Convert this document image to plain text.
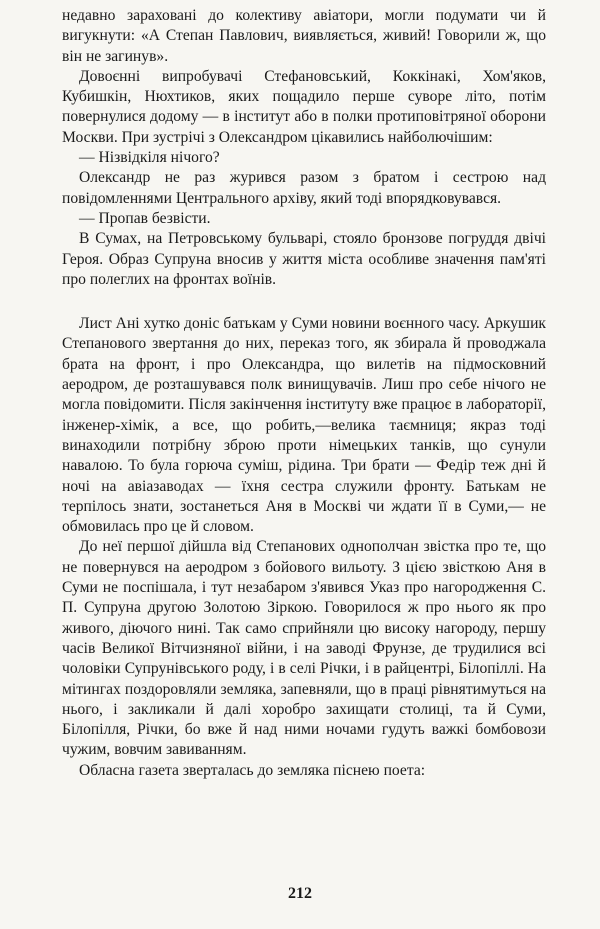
недавно зараховані до колективу авіатори, могли подумати чи й вигукнути: «А Степан Павлович, виявляється, живий! Говорили ж, що він не загинув».

Довоєнні випробувачі Стефановський, Коккінакі, Хом'яков, Кубишкін, Нюхтиков, яких пощадило перше суворе літо, потім повернулися додому — в інститут або в полки протиповітряної оборони Москви. При зустрічі з Олександром цікавились найболючішим:

— Нізвідкіля нічого?

Олександр не раз журився разом з братом і сестрою над повідомленнями Центрального архіву, який тоді впорядковувався.

— Пропав безвісти.

В Сумах, на Петровському бульварі, стояло бронзове погруддя двічі Героя. Образ Супруна вносив у життя міста особливе значення пам'яті про полеглих на фронтах воїнів.

Лист Ані хутко доніс батькам у Суми новини воєнного часу. Аркушик Степанового звертання до них, переказ того, як збирала й проводжала брата на фронт, і про Олександра, що вилетів на підмосковний аеродром, де розташувався полк винищувачів. Лиш про себе нічого не могла повідомити. Після закінчення інституту вже працює в лабораторії, інженер-хімік, а все, що робить,—велика таємниця; якраз тоді винаходили потрібну зброю проти німецьких танків, що сунули навалою. То була горюча суміш, рідина. Три брати — Федір теж дні й ночі на авіазаводах — їхня сестра служили фронту. Батькам не терпілось знати, зостанеться Аня в Москві чи ждати її в Суми,— не обмовилась про це й словом.

До неї першої дійшла від Степанових однополчан звістка про те, що не повернувся на аеродром з бойового вильоту. З цією звісткою Аня в Суми не поспішала, і тут незабаром з'явився Указ про нагородження С. П. Супруна другою Золотою Зіркою. Говорилося ж про нього як про живого, діючого нині. Так само сприйняли цю високу нагороду, першу часів Великої Вітчизняної війни, і на заводі Фрунзе, де трудилися всі чоловіки Супрунівського роду, і в селі Річки, і в райцентрі, Білопіллі. На мітингах поздоровляли земляка, запевняли, що в праці рівнятимуться на нього, і закликали й далі хоробро захищати столиці, та й Суми, Білопілля, Річки, бо вже й над ними ночами гудуть важкі бомбовози чужим, вовчим завиванням.

Обласна газета зверталась до земляка піснею поета:

212
